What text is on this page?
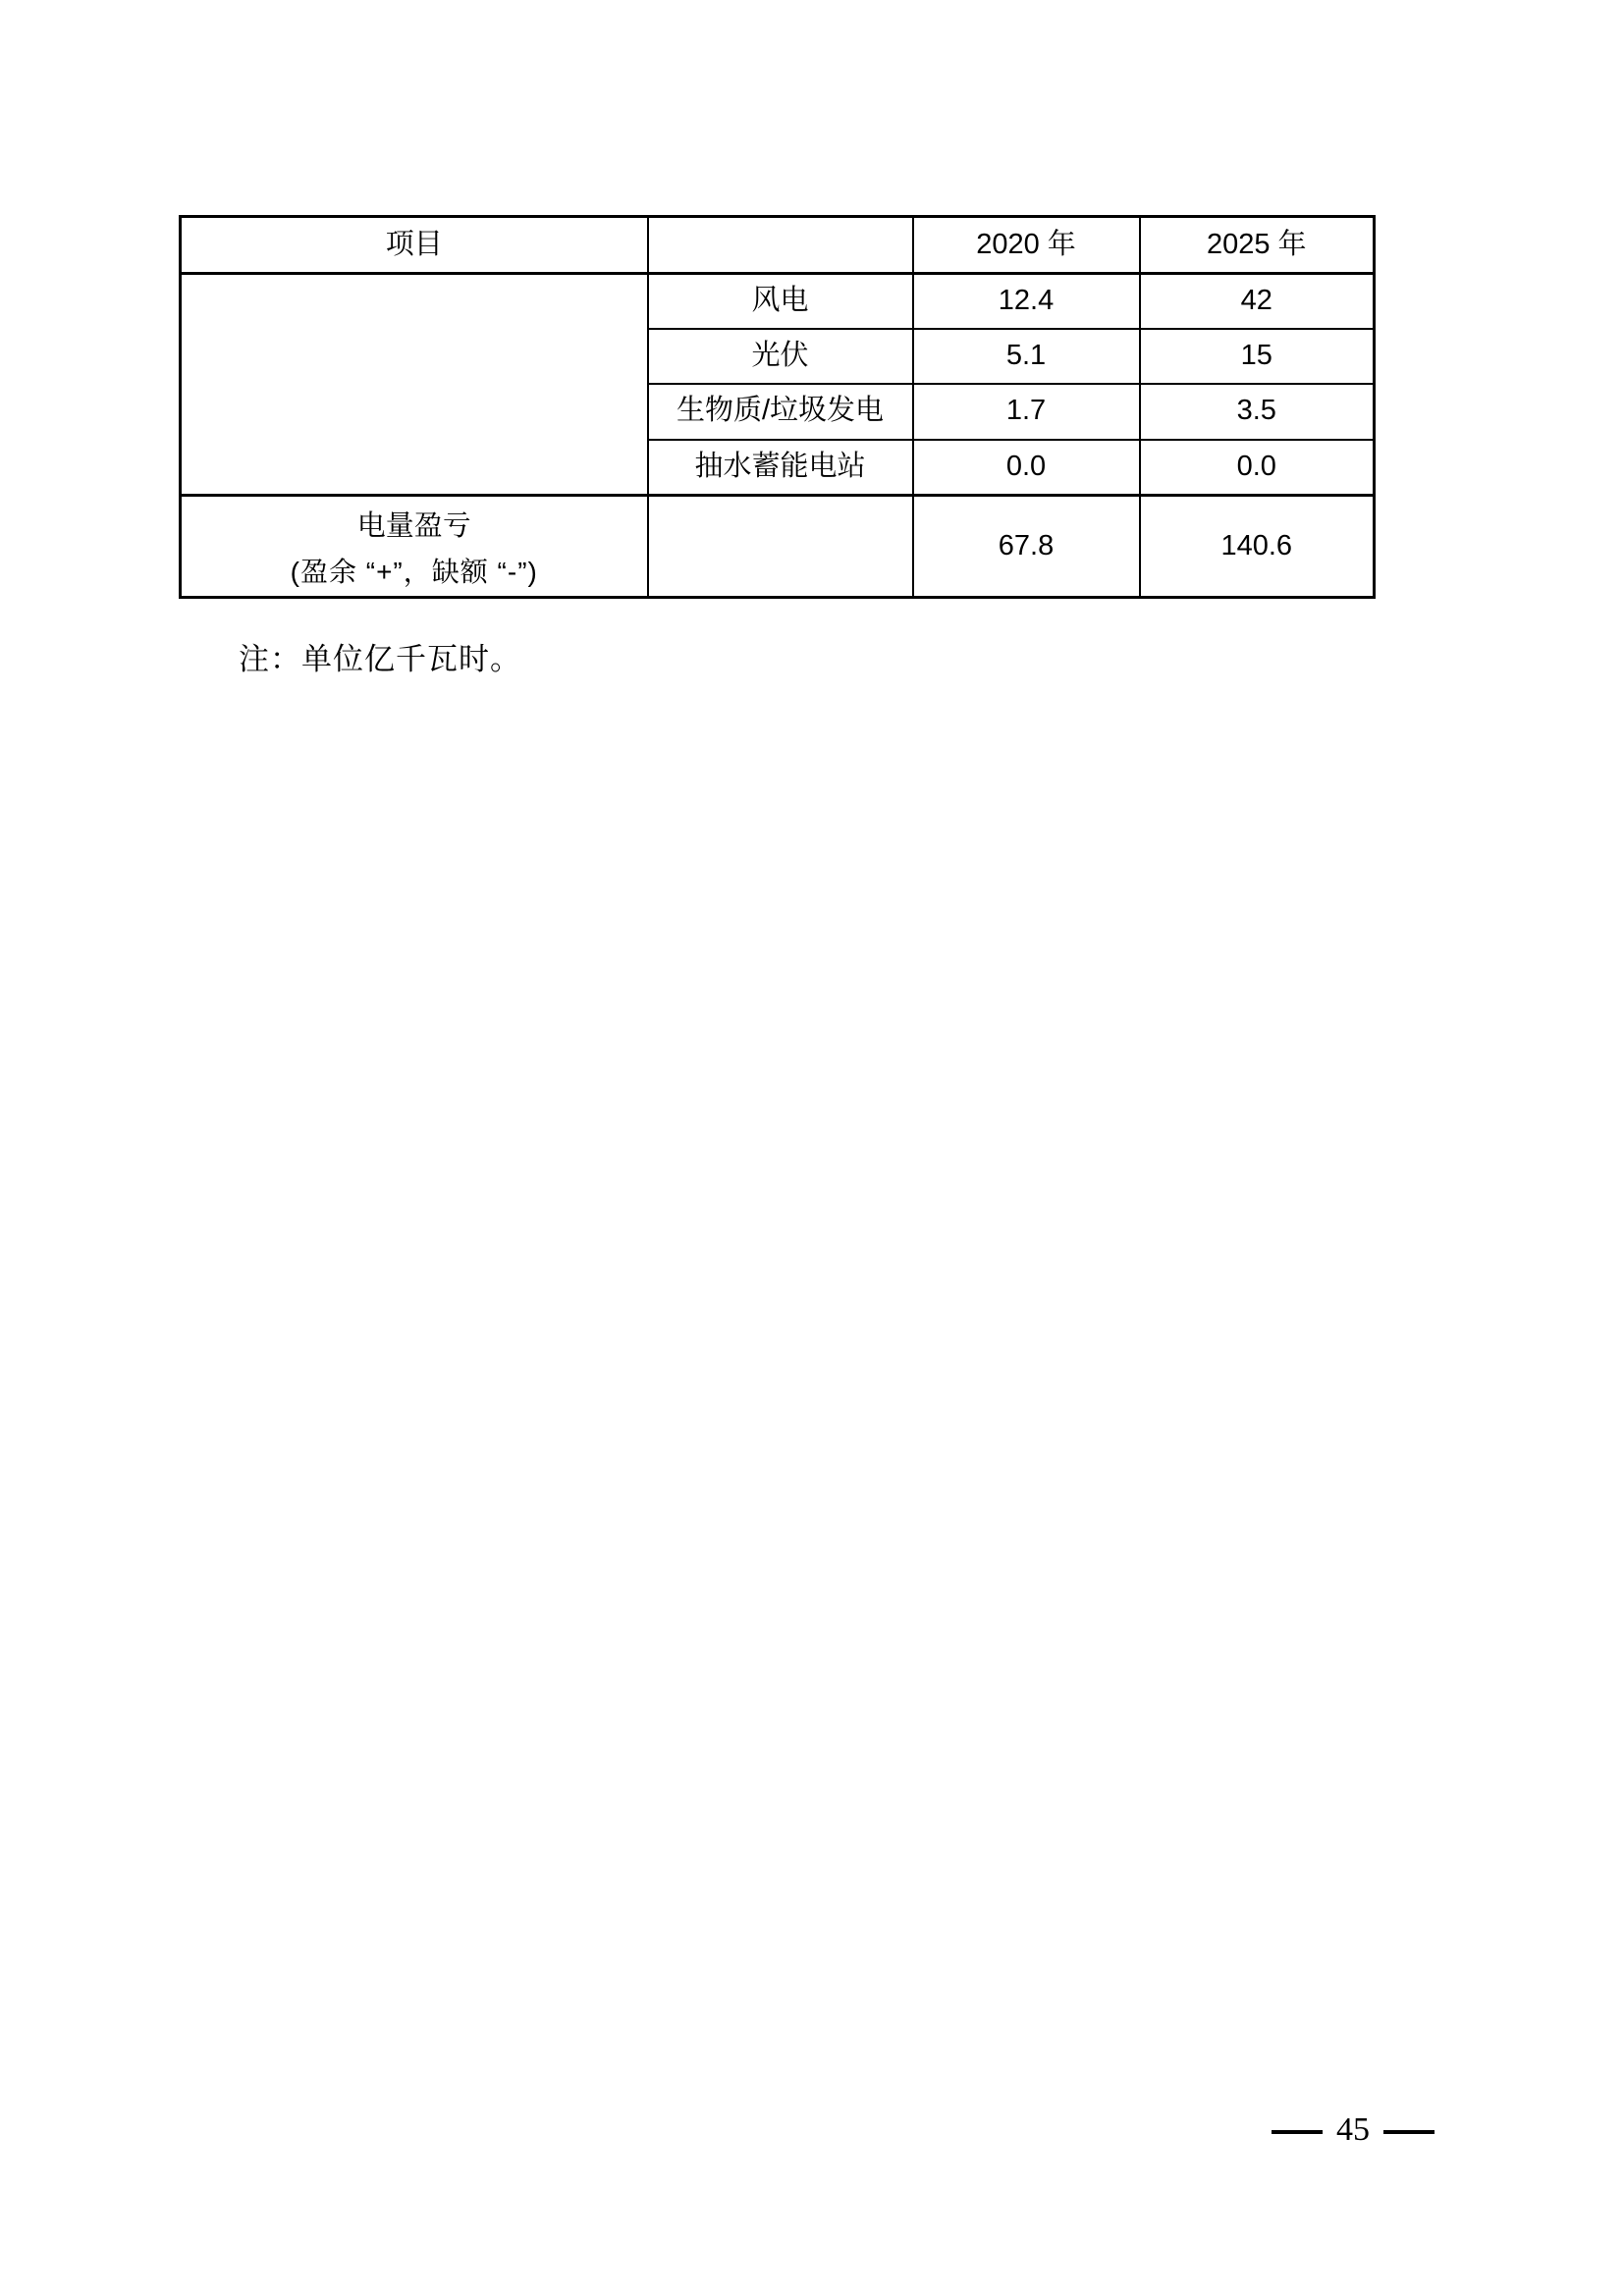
项目		2020 年	2025 年
	风电	12.4	42
	光伏	5.1	15
	生物质/垃圾发电	1.7	3.5
	抽水蓄能电站	0.0	0.0

电量盈亏
(盈余 “+”，缺额 “-”)		67.8	140.6
注：单位亿千瓦时。
45
